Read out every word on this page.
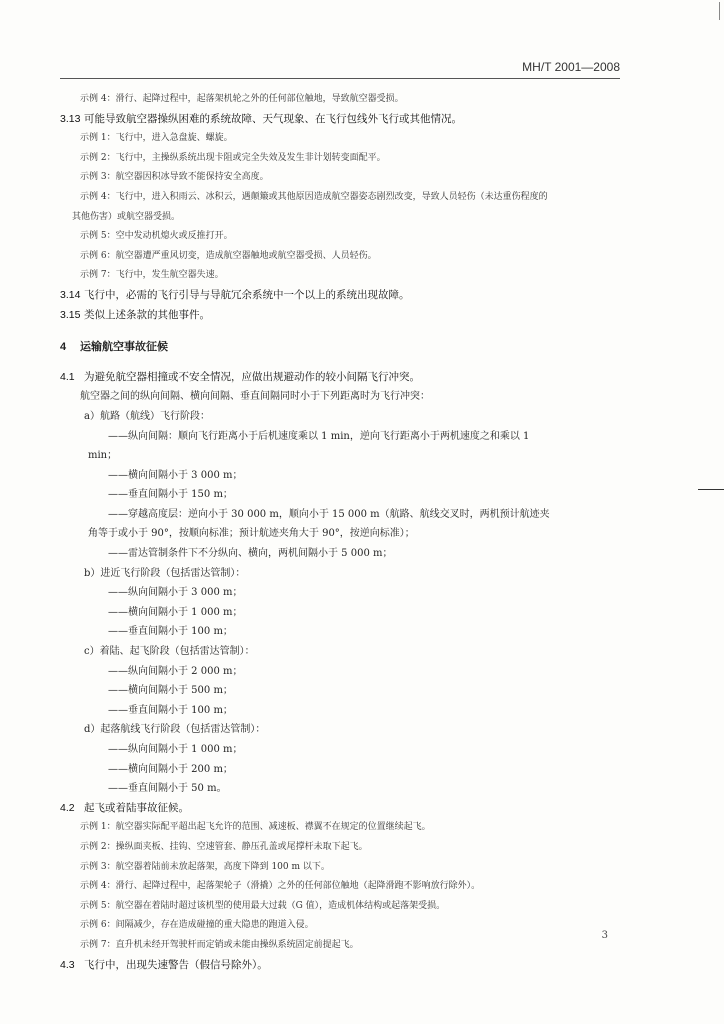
MH/T 2001—2008
示例 4：滑行、起降过程中，起落架机轮之外的任何部位触地，导致航空器受损。
3.13 可能导致航空器操纵困难的系统故障、天气现象、在飞行包线外飞行或其他情况。
示例 1：飞行中，进入急盘旋、螺旋。
示例 2：飞行中，主操纵系统出现卡阻或完全失效及发生非计划转变面配平。
示例 3：航空器因积冰导致不能保持安全高度。
示例 4：飞行中，进入积雨云、冰积云，遇颠簸或其他原因造成航空器姿态剧烈改变，导致人员轻伤（未达重伤程度的
其他伤害）或航空器受损。
示例 5：空中发动机熄火或反推打开。
示例 6：航空器遭严重风切变，造成航空器触地或航空器受损、人员轻伤。
示例 7：飞行中，发生航空器失速。
3.14 飞行中，必需的飞行引导与导航冗余系统中一个以上的系统出现故障。
3.15 类似上述条款的其他事件。
4 运输航空事故征候
4.1 为避免航空器相撞或不安全情况，应做出规避动作的较小间隔飞行冲突。
航空器之间的纵向间隔、横向间隔、垂直间隔同时小于下列距离时为飞行冲突：
a）航路（航线）飞行阶段：
——纵向间隔：顺向飞行距离小于后机速度乘以 1 min，逆向飞行距离小于两机速度之和乘以 1
min；
——横向间隔小于 3 000 m；
——垂直间隔小于 150 m；
——穿越高度层：逆向小于 30 000 m，顺向小于 15 000 m（航路、航线交叉时，两机预计航迹夹
角等于或小于 90°，按顺向标准；预计航迹夹角大于 90°，按逆向标准）；
——雷达管制条件下不分纵向、横向，两机间隔小于 5 000 m；
b）进近飞行阶段（包括雷达管制）：
——纵向间隔小于 3 000 m；
——横向间隔小于 1 000 m；
——垂直间隔小于 100 m；
c）着陆、起飞阶段（包括雷达管制）：
——纵向间隔小于 2 000 m；
——横向间隔小于 500 m；
——垂直间隔小于 100 m；
d）起落航线飞行阶段（包括雷达管制）：
——纵向间隔小于 1 000 m；
——横向间隔小于 200 m；
——垂直间隔小于 50 m。
4.2 起飞或着陆事故征候。
示例 1：航空器实际配平超出起飞允许的范围、减速板、襟翼不在规定的位置继续起飞。
示例 2：操纵面夹板、挂钩、空速管套、静压孔盖或尾撑杆未取下起飞。
示例 3：航空器着陆前未放起落架，高度下降到 100 m 以下。
示例 4：滑行、起降过程中，起落架轮子（滑撬）之外的任何部位触地（起降滑跑不影响放行除外）。
示例 5：航空器在着陆时超过该机型的使用最大过载（G 值），造成机体结构或起落架受损。
示例 6：间隔减少，存在造成碰撞的重大隐患的跑道入侵。
示例 7：直升机未经开驾驶杆而定销或未能由操纵系统固定前提起飞。
4.3 飞行中，出现失速警告（假信号除外）。
3
